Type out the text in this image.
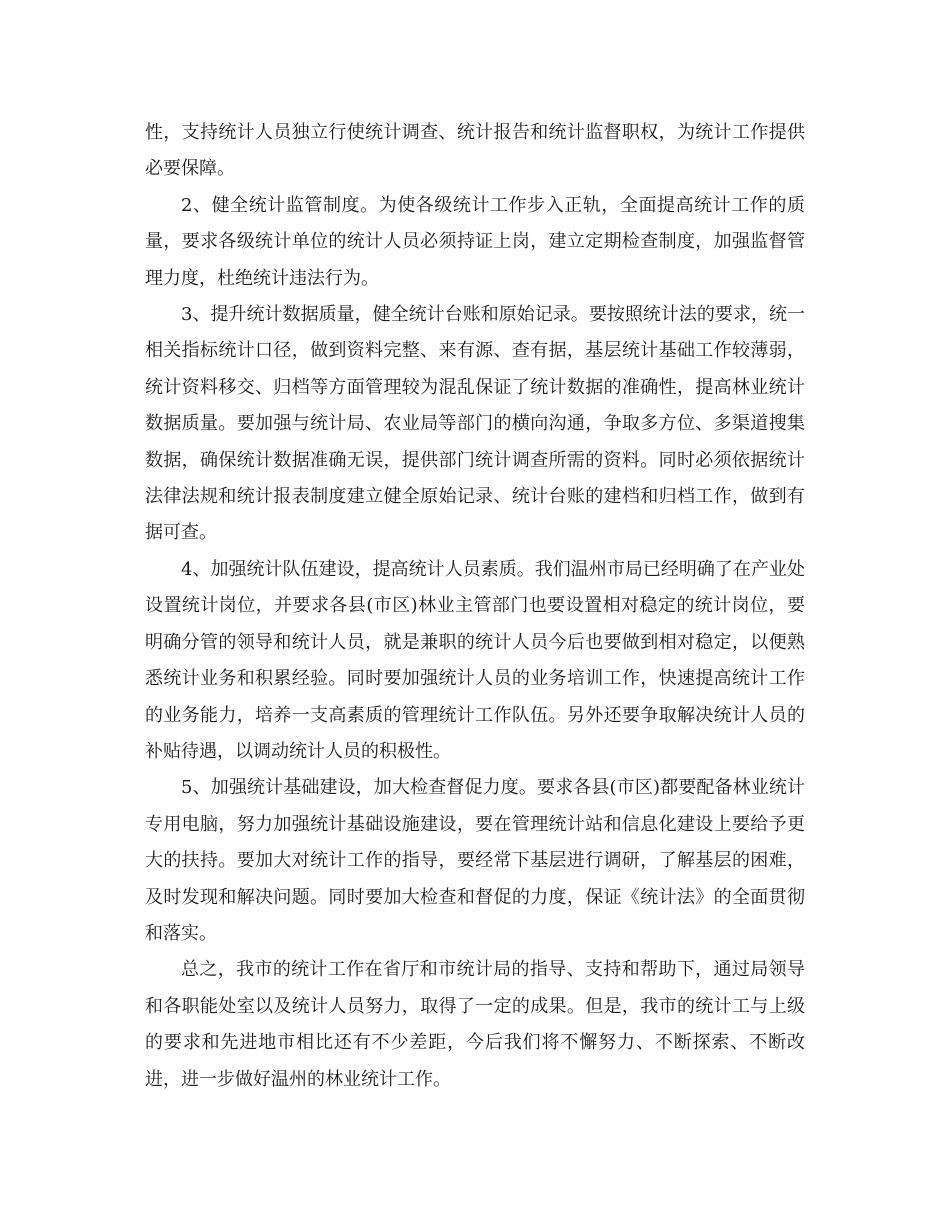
性，支持统计人员独立行使统计调查、统计报告和统计监督职权，为统计工作提供必要保障。

2、健全统计监管制度。为使各级统计工作步入正轨，全面提高统计工作的质量，要求各级统计单位的统计人员必须持证上岗，建立定期检查制度，加强监督管理力度，杜绝统计违法行为。

3、提升统计数据质量，健全统计台账和原始记录。要按照统计法的要求，统一相关指标统计口径，做到资料完整、来有源、查有据，基层统计基础工作较薄弱，统计资料移交、归档等方面管理较为混乱保证了统计数据的准确性，提高林业统计数据质量。要加强与统计局、农业局等部门的横向沟通，争取多方位、多渠道搜集数据，确保统计数据准确无误，提供部门统计调查所需的资料。同时必须依据统计法律法规和统计报表制度建立健全原始记录、统计台账的建档和归档工作，做到有据可查。

4、加强统计队伍建设，提高统计人员素质。我们温州市局已经明确了在产业处设置统计岗位，并要求各县(市区)林业主管部门也要设置相对稳定的统计岗位，要明确分管的领导和统计人员，就是兼职的统计人员今后也要做到相对稳定，以便熟悉统计业务和积累经验。同时要加强统计人员的业务培训工作，快速提高统计工作的业务能力，培养一支高素质的管理统计工作队伍。另外还要争取解决统计人员的补贴待遇，以调动统计人员的积极性。

5、加强统计基础建设，加大检查督促力度。要求各县(市区)都要配备林业统计专用电脑，努力加强统计基础设施建设，要在管理统计站和信息化建设上要给予更大的扶持。要加大对统计工作的指导，要经常下基层进行调研，了解基层的困难，及时发现和解决问题。同时要加大检查和督促的力度，保证《统计法》的全面贯彻和落实。

总之，我市的统计工作在省厅和市统计局的指导、支持和帮助下，通过局领导和各职能处室以及统计人员努力，取得了一定的成果。但是，我市的统计工与上级的要求和先进地市相比还有不少差距，今后我们将不懈努力、不断探索、不断改进，进一步做好温州的林业统计工作。
